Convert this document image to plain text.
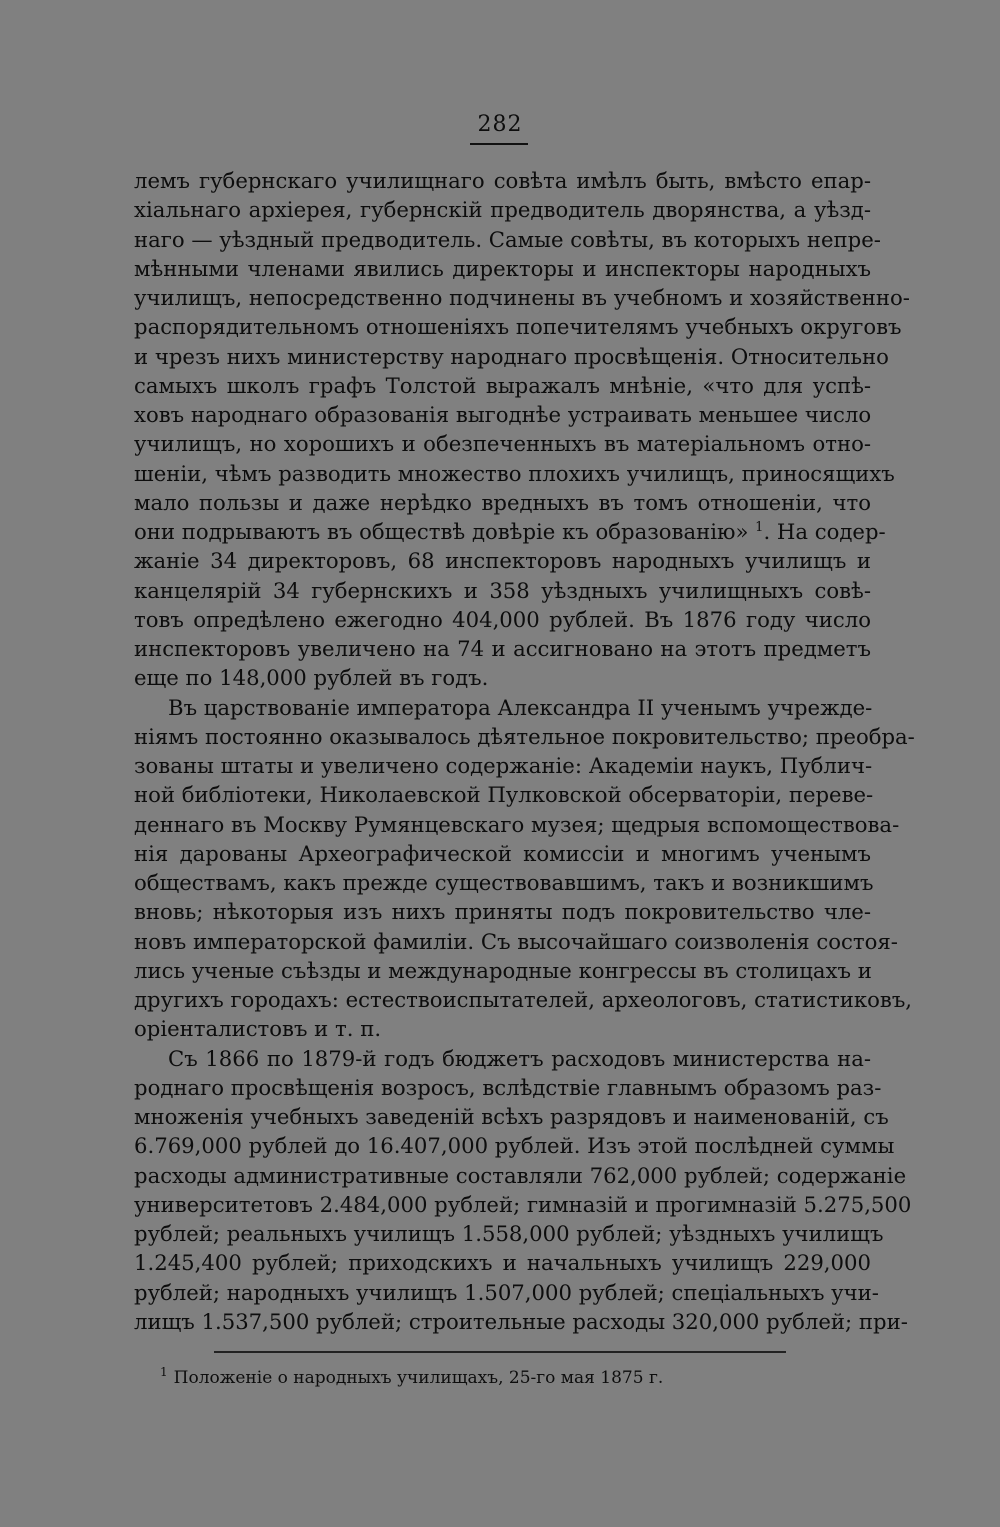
282
лемъ губернскаго училищнаго совѣта имѣлъ быть, вмѣсто епар-
хіальнаго архіерея, губернскій предводитель дворянства, а уѣзд-
наго — уѣздный предводитель. Самые совѣты, въ которыхъ непре-
мѣнными членами явились директоры и инспекторы народныхъ
училищъ, непосредственно подчинены въ учебномъ и хозяйственно-
распорядительномъ отношеніяхъ попечителямъ учебныхъ округовъ
и чрезъ нихъ министерству народнаго просвѣщенія. Относительно
самыхъ школъ графъ Толстой выражалъ мнѣніе, «что для успѣ-
ховъ народнаго образованія выгоднѣе устраивать меньшее число
училищъ, но хорошихъ и обезпеченныхъ въ матеріальномъ отно-
шеніи, чѣмъ разводить множество плохихъ училищъ, приносящихъ
мало пользы и даже нерѣдко вредныхъ въ томъ отношеніи, что
они подрываютъ въ обществѣ довѣріе къ образованію» $^1$. На содер-
жаніе 34 директоровъ, 68 инспекторовъ народныхъ училищъ и
канцелярій 34 губернскихъ и 358 уѣздныхъ училищныхъ совѣ-
товъ опредѣлено ежегодно 404,000 рублей. Въ 1876 году число
инспекторовъ увеличено на 74 и ассигновано на этотъ предметъ
еще по 148,000 рублей въ годъ.
Въ царствованіе императора Александра II ученымъ учрежде-
ніямъ постоянно оказывалось дѣятельное покровительство; преобра-
зованы штаты и увеличено содержаніе: Академіи наукъ, Публич-
ной библіотеки, Николаевской Пулковской обсерваторіи, переве-
деннаго въ Москву Румянцевскаго музея; щедрыя вспомоществова-
нія дарованы Археографической комиссіи и многимъ ученымъ
обществамъ, какъ прежде существовавшимъ, такъ и возникшимъ
вновь; нѣкоторыя изъ нихъ приняты подъ покровительство чле-
новъ императорской фамиліи. Съ высочайшаго соизволенія состоя-
лись ученые съѣзды и международные конгрессы въ столицахъ и
другихъ городахъ: естествоиспытателей, археологовъ, статистиковъ,
оріенталистовъ и т. п.
Съ 1866 по 1879-й годъ бюджетъ расходовъ министерства на-
роднаго просвѣщенія возросъ, вслѣдствіе главнымъ образомъ раз-
множенія учебныхъ заведеній всѣхъ разрядовъ и наименованій, съ
6.769,000 рублей до 16.407,000 рублей. Изъ этой послѣдней суммы
расходы административные составляли 762,000 рублей; содержаніе
университетовъ 2.484,000 рублей; гимназій и прогимназій 5.275,500
рублей; реальныхъ училищъ 1.558,000 рублей; уѣздныхъ училищъ
1.245,400 рублей; приходскихъ и начальныхъ училищъ 229,000
рублей; народныхъ училищъ 1.507,000 рублей; спеціальныхъ учи-
лищъ 1.537,500 рублей; строительные расходы 320,000 рублей; при-
$^1$ Положеніе о народныхъ училищахъ, 25-го мая 1875 г.
